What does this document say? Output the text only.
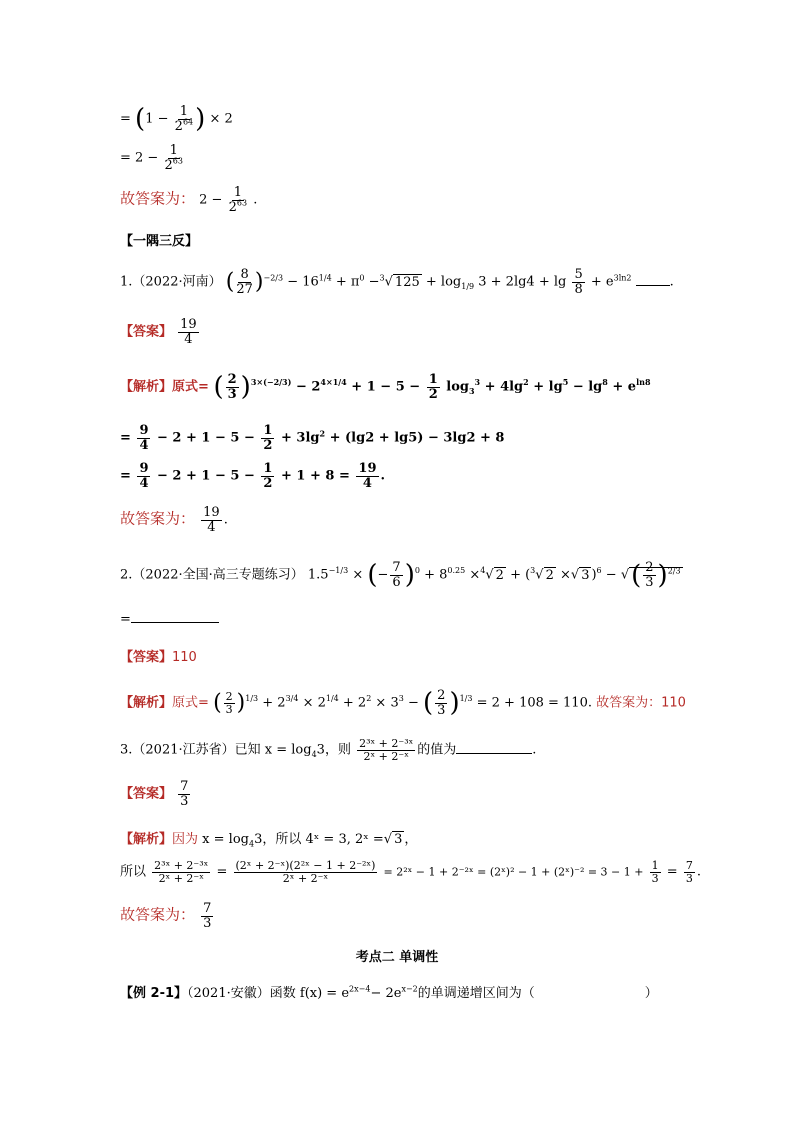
= ($1 - \frac{1}{2^{64}}$ ) × 2
= $2 - \frac{1}{2^{63}}$
故答案为： $2 - \frac{1}{2^{63}}$ .
【一隅三反】
1.（2022·河南） ( $\frac{8}{27} )^{-2/3} - 16^{1/4} + \pi^0 -^3√$ $125 + \log_{1/9} 3 + 2\lg 4 + \lg \frac{5}{8} + e^{3ln2}$	.
【答案】 $\frac{19}{4}$
【解析】原式= ( $\frac{2}{3} )^{3\times(-2/3)} - 2^{4\times 1/4} + 1 - 5 - \frac{1}{2} \log_3^3 + 4\lg^2 + \lg^5 - \lg^8 + e^{ln8}$
= $\frac{9}{4} - 2 + 1 - 5 - \frac{1}{2} + 3\lg^2 + (\lg 2 + \lg 5) - 3\lg 2 + 8$
= $\frac{9}{4} - 2 + 1 - 5 - \frac{1}{2} + 1 + 8 = \frac{19}{4}$ .
故答案为： $\frac{19}{4}$ .
2.（2022·全国·高三专题练习） $1.5^{-1/3}$ × (− $\frac{7}{6} )^0 + 8^{0.25} \times^4√$ 2 + ($^3$√ 2 ×√ 3 )$^6$ − √( $\frac{2}{3} )^{2/3}$
=
【答案】110
【解析】原式= ( $\frac{2}{3} )^{1/3} + 2^{3/4} \times 2^{1/4} + 2^2 \times 3^3$ − ( $\frac{2}{3} )^{1/3} = 2 + 108 = 110$. 故答案为：110
3.（2021·江苏省）已知 $x = \log_43$，则 $\frac{\text{2³ˣ + 2⁻³ˣ}}{\text{2ˣ + 2⁻ˣ}}$ 的值为	.
【答案】 $\frac{7}{3}$
【解析】因为 $x = \log_43$，所以 4ˣ = 3, 2ˣ =√ 3 ，
所以 $\frac{\text{2³ˣ + 2⁻³ˣ}}{\text{2ˣ + 2⁻ˣ}} = \frac{\text{(2ˣ + 2⁻ˣ)(2²ˣ − 1 + 2⁻²ˣ)}}{\text{2ˣ + 2⁻ˣ}}$ = 2²ˣ − 1 + 2⁻²ˣ = (2ˣ)² − 1 + (2ˣ)⁻² = $3 - 1 + \frac{1}{3} = \frac{7}{3}$ .
故答案为： $\frac{7}{3}$
考点二 单调性
【例 2-1】（2021·安徽）函数 $f(x) = e^{2x-4}- 2e^{x-2}$的单调递增区间为（	）
